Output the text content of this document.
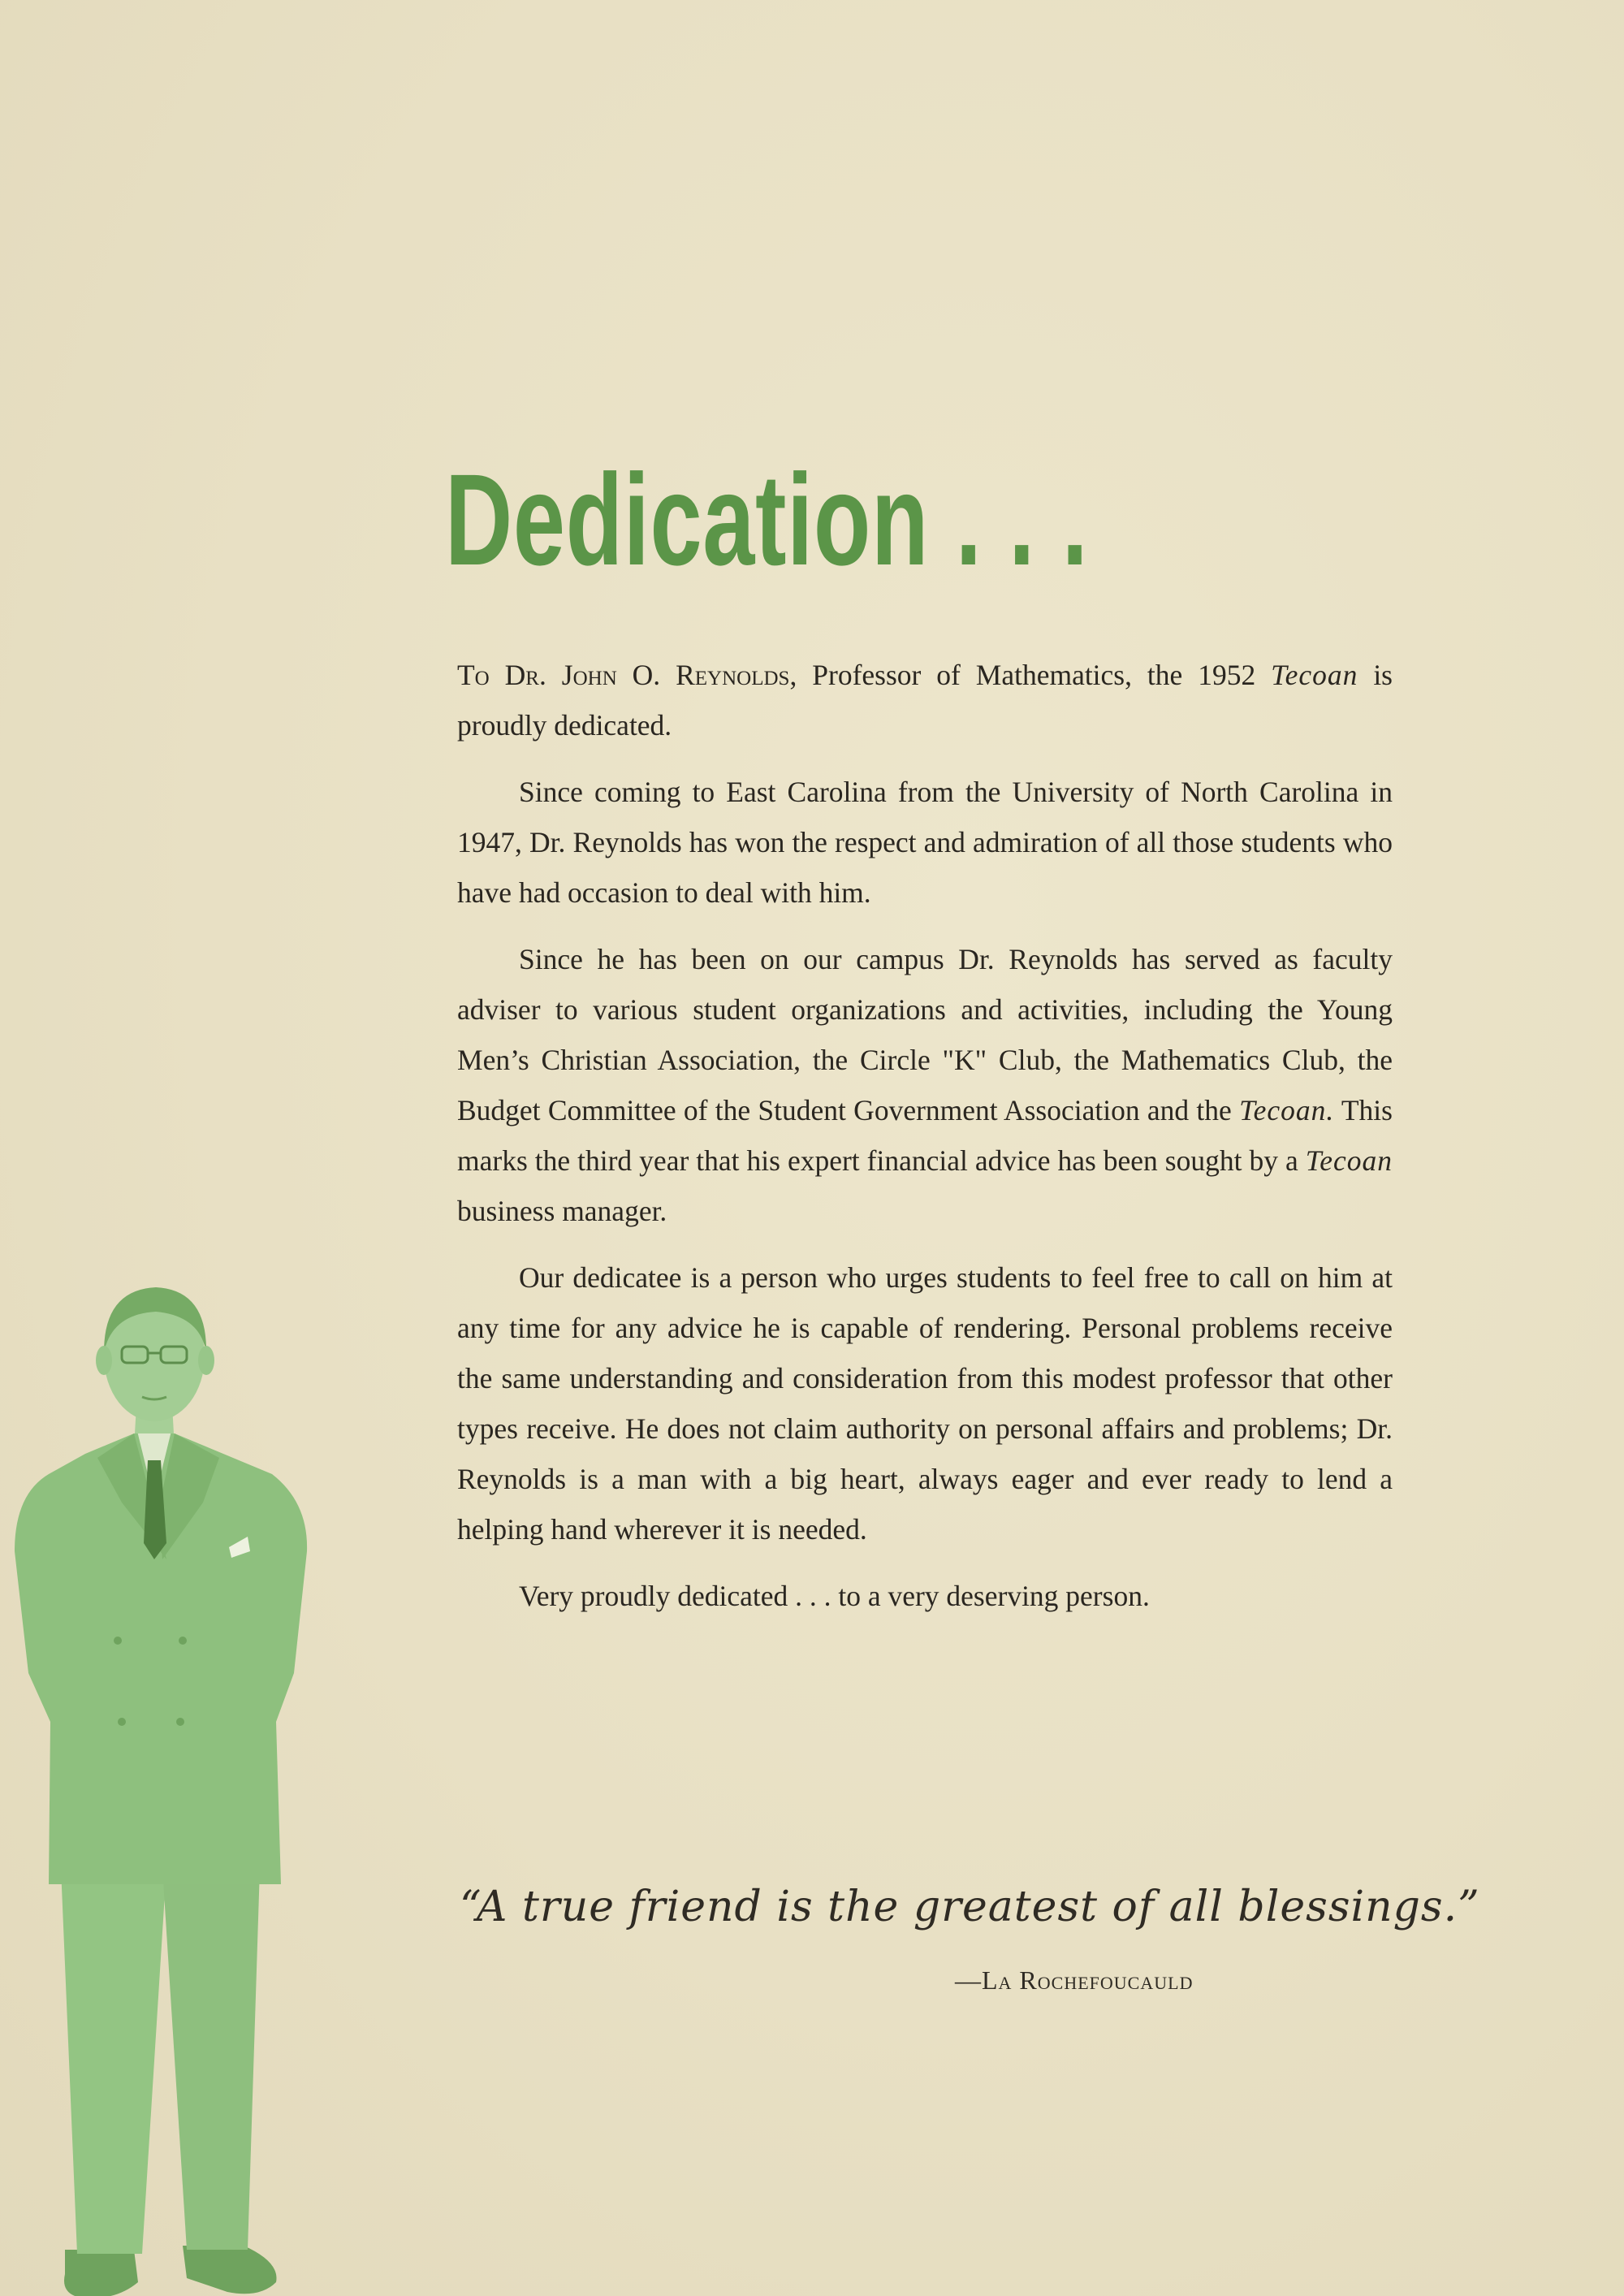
Dedication . . .

To Dr. John O. Reynolds, Professor of Mathematics, the 1952 Tecoan is proudly dedicated.

Since coming to East Carolina from the University of North Carolina in 1947, Dr. Reynolds has won the respect and admiration of all those students who have had occasion to deal with him.

Since he has been on our campus Dr. Reynolds has served as faculty adviser to various student organizations and activities, including the Young Men’s Christian Association, the Circle "K" Club, the Mathematics Club, the Budget Committee of the Student Government Association and the Tecoan. This marks the third year that his expert financial advice has been sought by a Tecoan business manager.

Our dedicatee is a person who urges students to feel free to call on him at any time for any advice he is capable of rendering. Personal problems receive the same understanding and consideration from this modest professor that other types receive. He does not claim authority on personal affairs and problems; Dr. Reynolds is a man with a big heart, always eager and ever ready to lend a helping hand wherever it is needed.

Very proudly dedicated . . . to a very deserving person.

“A true friend is the greatest of all blessings.”
—La Rochefoucauld
